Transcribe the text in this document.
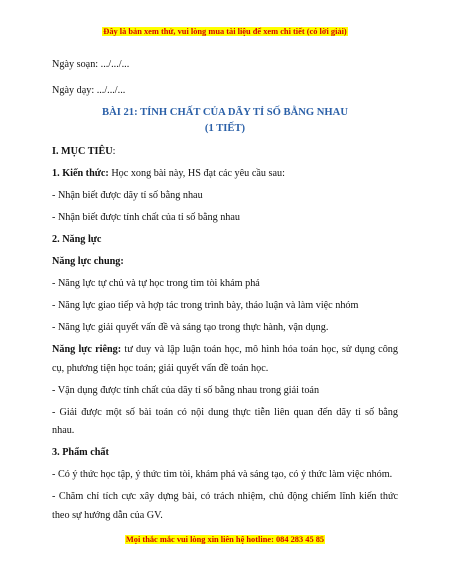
Đây là bản xem thử, vui lòng mua tài liệu để xem chi tiết (có lời giải)
Ngày soạn: .../.../...
Ngày dạy: .../.../...
BÀI 21: TÍNH CHẤT CỦA DÃY TỈ SỐ BẰNG NHAU
(1 TIẾT)
I. MỤC TIÊU:
1. Kiến thức: Học xong bài này, HS đạt các yêu cầu sau:
- Nhận biết được dãy tỉ số bằng nhau
- Nhận biết được tính chất của tỉ số bằng nhau
2. Năng lực
Năng lực chung:
- Năng lực tự chủ và tự học trong tìm tòi khám phá
- Năng lực giao tiếp và hợp tác trong trình bày, thảo luận và làm việc nhóm
- Năng lực giải quyết vấn đề và sáng tạo trong thực hành, vận dụng.
Năng lực riêng: tư duy và lập luận toán học, mô hình hóa toán học, sử dụng công
cụ, phương tiện học toán; giải quyết vấn đề toán học.
- Vận dụng được tính chất của dãy tỉ số bằng nhau trong giải toán
- Giải được một số bài toán có nội dung thực tiễn liên quan đến dãy tỉ số bằng
nhau.
3. Phẩm chất
- Có ý thức học tập, ý thức tìm tòi, khám phá và sáng tạo, có ý thức làm việc nhóm.
- Chăm chỉ tích cực xây dựng bài, có trách nhiệm, chủ động chiếm lĩnh kiến thức
theo sự hướng dẫn của GV.
Mọi thắc mắc vui lòng xin liên hệ hotline: 084 283 45 85
